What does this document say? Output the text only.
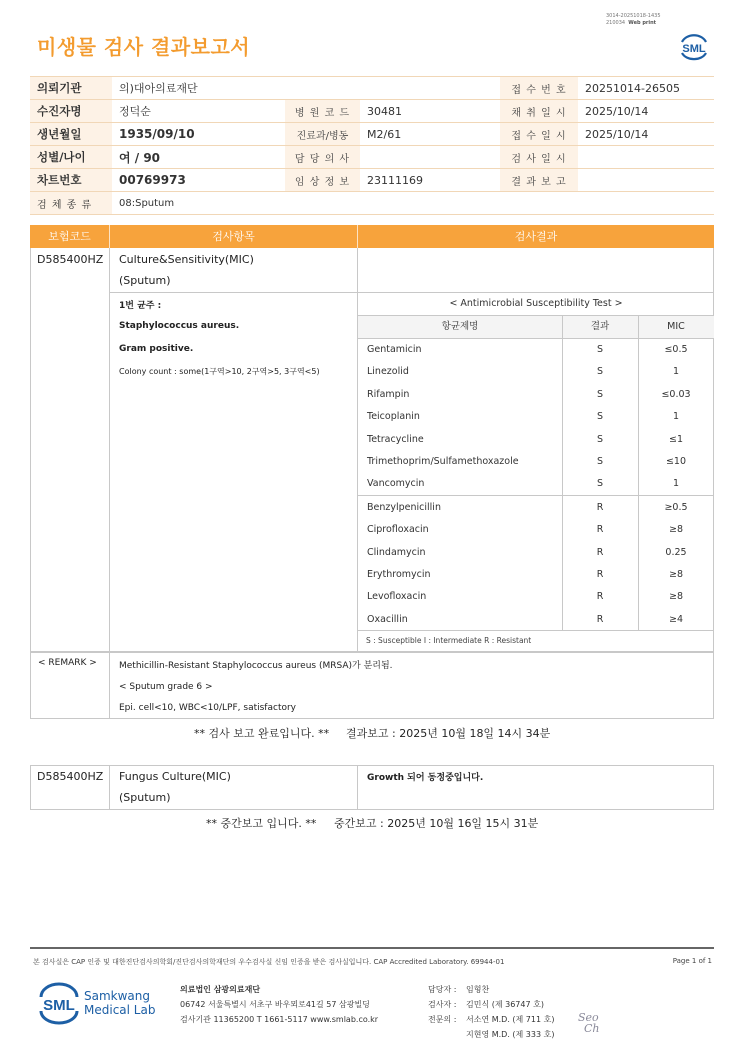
3014-20251018-1435
210034 Web print
미생물 검사 결과보고서	SML
의뢰기관	의)대아의료재단			접 수 번 호	20251014-26505
수진자명	정덕순	병 원 코 드	30481	채 취 일 시	2025/10/14
생년월일	1935/09/10	진료과/병동	M2/61	접 수 일 시	2025/10/14
성별/나이	여 / 90	담 당 의 사		검 사 일 시	
차트번호	00769973	임 상 정 보	23111169	결 과 보 고	
검 체 종 류	08:Sputum				
보험코드	검사항목	검사결과
D585400HZ Culture&Sensitivity(MIC)
(Sputum)
1번 균주 :
Staphylococcus aureus.
Gram positive.
Colony count : some(1구역>10, 2구역>5, 3구역<5)
< Antimicrobial Susceptibility Test >
항균제명	결과	MIC
Gentamicin	S	≤0.5
Linezolid	S	1
Rifampin	S	≤0.03
Teicoplanin	S	1
Tetracycline	S	≤1
Trimethoprim/Sulfamethoxazole	S	≤10
Vancomycin	S	1
Benzylpenicillin	R	≥0.5
Ciprofloxacin	R	≥8
Clindamycin	R	0.25
Erythromycin	R	≥8
Levofloxacin	R	≥8
Oxacillin	R	≥4
S : Susceptible I : Intermediate R : Resistant
< REMARK > Methicillin-Resistant Staphylococcus aureus (MRSA)가 분리됨.
< Sputum grade 6 >
Epi. cell<10, WBC<10/LPF, satisfactory
** 검사 보고 완료입니다. ** 결과보고 : 2025년 10월 18일 14시 34분
D585400HZ Fungus Culture(MIC)
(Sputum)
Growth 되어 동정중입니다.
** 중간보고 입니다. ** 중간보고 : 2025년 10월 16일 15시 31분
본 검사실은 CAP 인증 및 대한진단검사의학회/진단검사의학재단의 우수검사실 신임 인증을 받은 검사실입니다. CAP Accredited Laboratory. 69944-01	Page 1 of 1
SML
Samkwang
Medical Lab
의료법인 삼광의료재단
06742 서울특별시 서초구 바우뫼로41길 57 삼광빌딩
검사기관 11365200 T 1661-5117 www.smlab.co.kr
담당자 : 임형찬
검사자 : 김민식 (제 36747 호)
전문의 : 서소연 M.D. (제 711 호)
지현영 M.D. (제 333 호)
Seo
Ch
